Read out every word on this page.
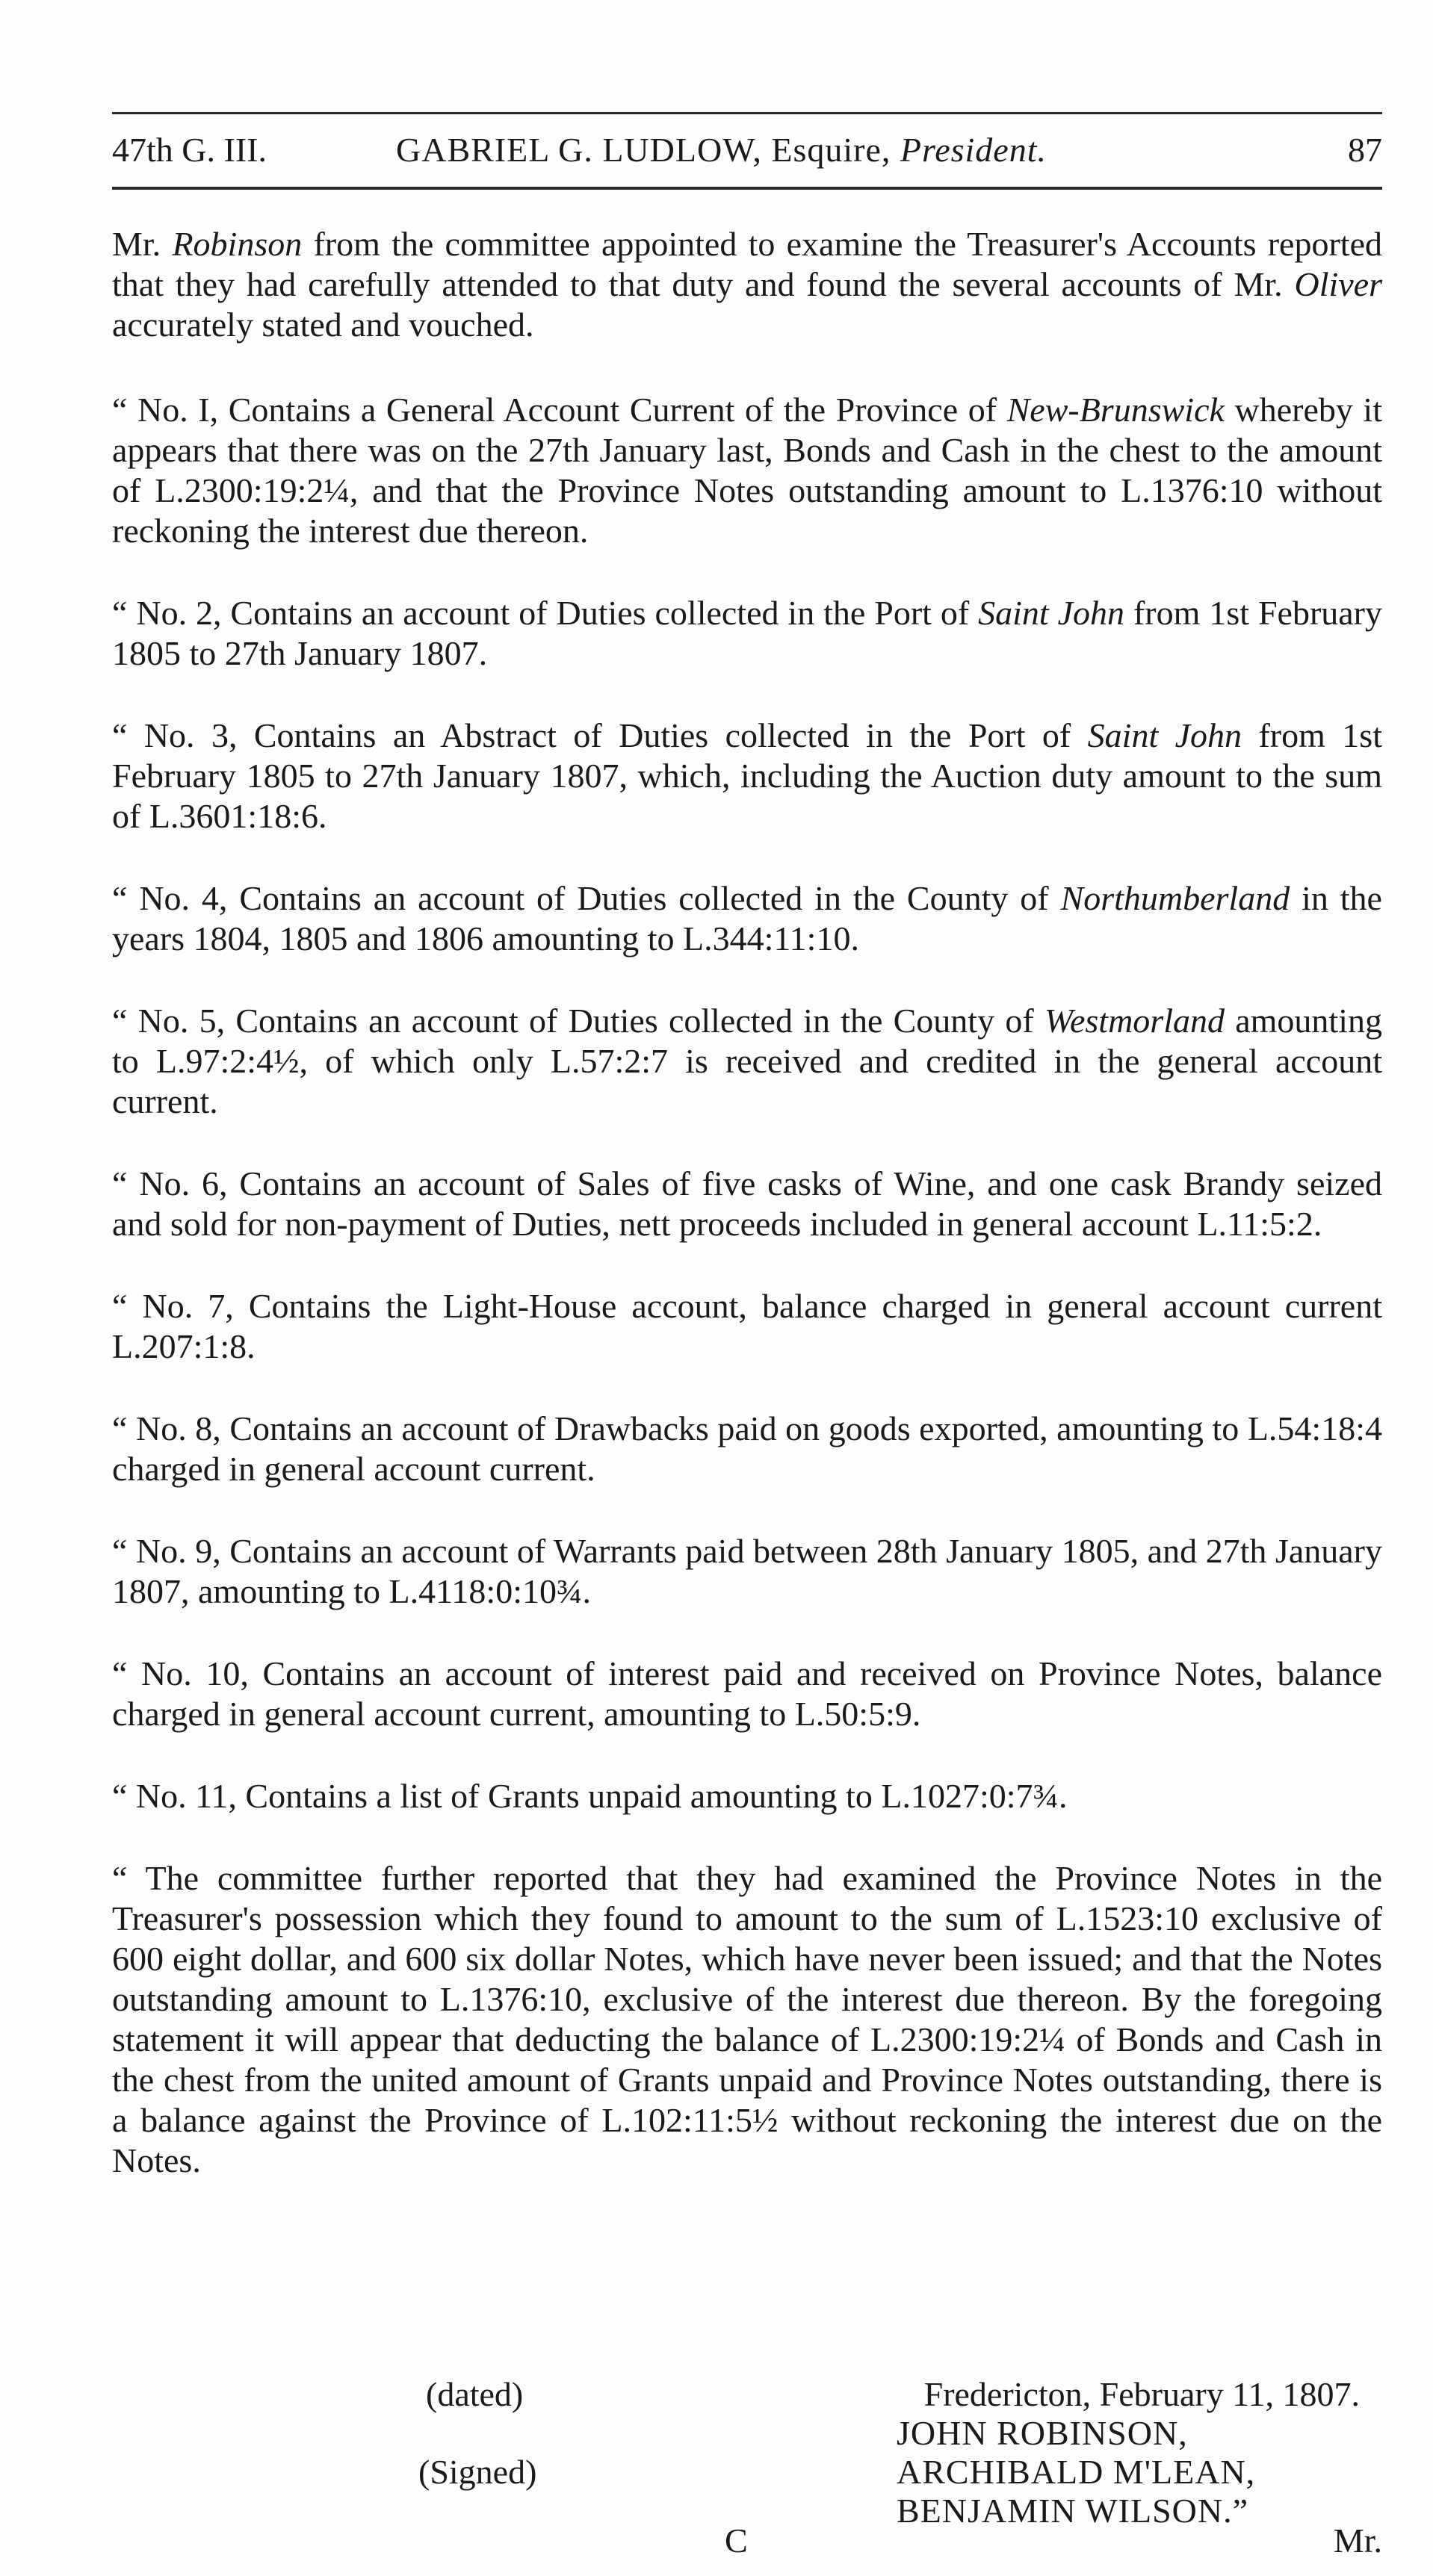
47th G. III.	GABRIEL G. LUDLOW, Esquire, President.	87

Mr. Robinson from the committee appointed to examine the Treasurer's Accounts reported that they had carefully attended to that duty and found the several accounts of Mr. Oliver accurately stated and vouched.

“ No. I, Contains a General Account Current of the Province of New-Brunswick whereby it appears that there was on the 27th January last, Bonds and Cash in the chest to the amount of L.2300:19:2¼, and that the Province Notes outstanding amount to L.1376:10 without reckoning the interest due thereon.

“ No. 2, Contains an account of Duties collected in the Port of Saint John from 1st February 1805 to 27th January 1807.

“ No. 3, Contains an Abstract of Duties collected in the Port of Saint John from 1st February 1805 to 27th January 1807, which, including the Auction duty amount to the sum of L.3601:18:6.

“ No. 4, Contains an account of Duties collected in the County of Northumberland in the years 1804, 1805 and 1806 amounting to L.344:11:10.

“ No. 5, Contains an account of Duties collected in the County of Westmorland amounting to L.97:2:4½, of which only L.57:2:7 is received and credited in the general account current.

“ No. 6, Contains an account of Sales of five casks of Wine, and one cask Brandy seized and sold for non-payment of Duties, nett proceeds included in general account L.11:5:2.

“ No. 7, Contains the Light-House account, balance charged in general account current L.207:1:8.

“ No. 8, Contains an account of Drawbacks paid on goods exported, amounting to L.54:18:4 charged in general account current.

“ No. 9, Contains an account of Warrants paid between 28th January 1805, and 27th January 1807, amounting to L.4118:0:10¾.

“ No. 10, Contains an account of interest paid and received on Province Notes, balance charged in general account current, amounting to L.50:5:9.

“ No. 11, Contains a list of Grants unpaid amounting to L.1027:0:7¾.

“ The committee further reported that they had examined the Province Notes in the Treasurer's possession which they found to amount to the sum of L.1523:10 exclusive of 600 eight dollar, and 600 six dollar Notes, which have never been issued; and that the Notes outstanding amount to L.1376:10, exclusive of the interest due thereon. By the foregoing statement it will appear that deducting the balance of L.2300:19:2¼ of Bonds and Cash in the chest from the united amount of Grants unpaid and Province Notes outstanding, there is a balance against the Province of L.102:11:5½ without reckoning the interest due on the Notes.

(dated)	Fredericton, February 11, 1807.
JOHN ROBINSON,
(Signed)	ARCHIBALD M'LEAN,
BENJAMIN WILSON.”
C	Mr.
